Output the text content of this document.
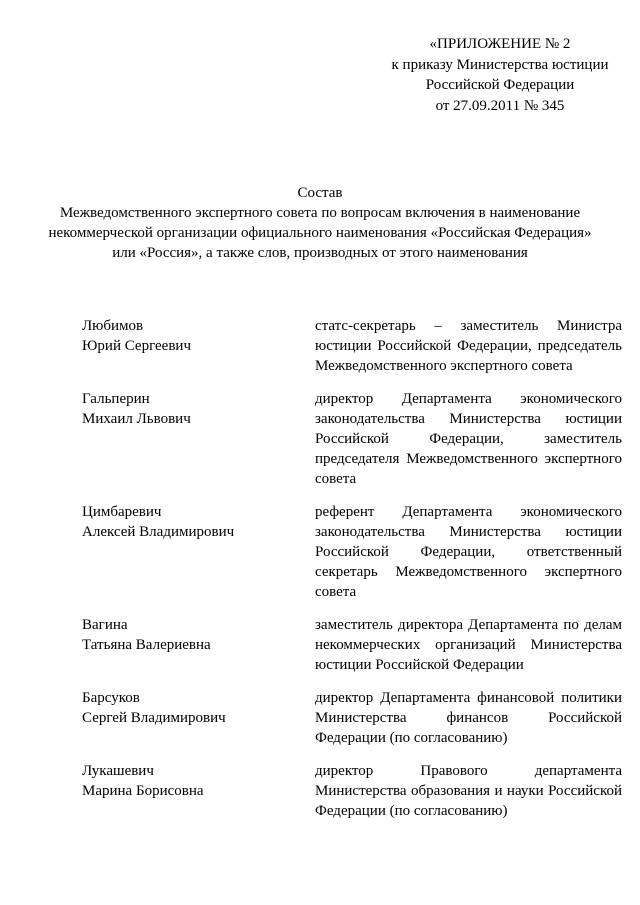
«ПРИЛОЖЕНИЕ № 2
к приказу Министерства юстиции
Российской Федерации
от 27.09.2011 № 345
Состав
Межведомственного экспертного совета по вопросам включения в наименование
некоммерческой организации официального наименования «Российская Федерация»
или «Россия», а также слов, производных от этого наименования
Любимов
Юрий Сергеевич
статс-секретарь – заместитель Министра юстиции Российской Федерации, председатель Межведомственного экспертного совета
Гальперин
Михаил Львович
директор Департамента экономического законодательства Министерства юстиции Российской Федерации, заместитель председателя Межведомственного экспертного совета
Цимбаревич
Алексей Владимирович
референт Департамента экономического законодательства Министерства юстиции Российской Федерации, ответственный секретарь Межведомственного экспертного совета
Вагина
Татьяна Валериевна
заместитель директора Департамента по делам некоммерческих организаций Министерства юстиции Российской Федерации
Барсуков
Сергей Владимирович
директор Департамента финансовой политики Министерства финансов Российской Федерации (по согласованию)
Лукашевич
Марина Борисовна
директор Правового департамента Министерства образования и науки Российской Федерации (по согласованию)
